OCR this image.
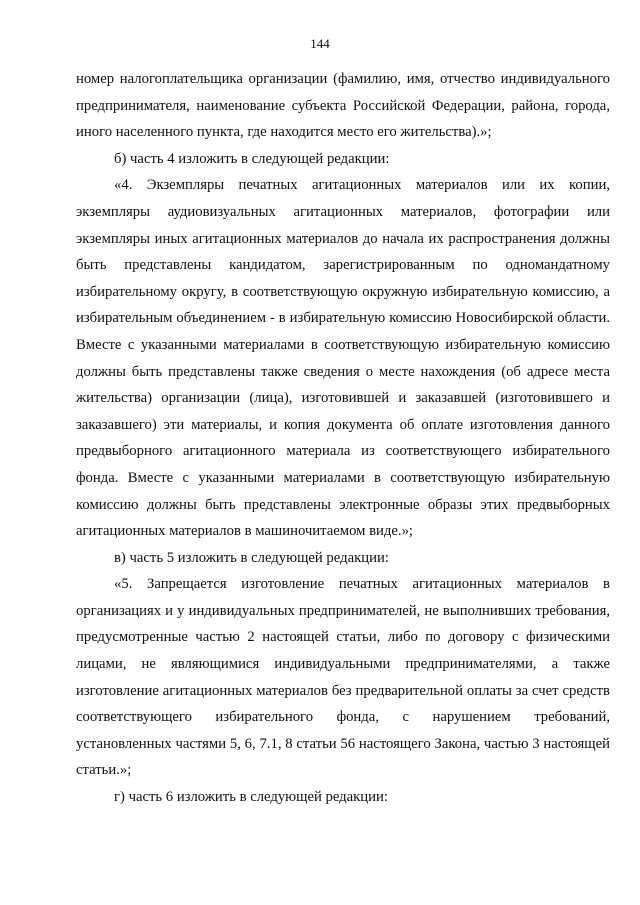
144

номер налогоплательщика организации (фамилию, имя, отчество индивидуального предпринимателя, наименование субъекта Российской Федерации, района, города, иного населенного пункта, где находится место его жительства).»;

б) часть 4 изложить в следующей редакции:

«4. Экземпляры печатных агитационных материалов или их копии, экземпляры аудиовизуальных агитационных материалов, фотографии или экземпляры иных агитационных материалов до начала их распространения должны быть представлены кандидатом, зарегистрированным по одномандатному избирательному округу, в соответствующую окружную избирательную комиссию, а избирательным объединением - в избирательную комиссию Новосибирской области. Вместе с указанными материалами в соответствующую избирательную комиссию должны быть представлены также сведения о месте нахождения (об адресе места жительства) организации (лица), изготовившей и заказавшей (изготовившего и заказавшего) эти материалы, и копия документа об оплате изготовления данного предвыборного агитационного материала из соответствующего избирательного фонда. Вместе с указанными материалами в соответствующую избирательную комиссию должны быть представлены электронные образы этих предвыборных агитационных материалов в машиночитаемом виде.»;

в) часть 5 изложить в следующей редакции:

«5. Запрещается изготовление печатных агитационных материалов в организациях и у индивидуальных предпринимателей, не выполнивших требования, предусмотренные частью 2 настоящей статьи, либо по договору с физическими лицами, не являющимися индивидуальными предпринимателями, а также изготовление агитационных материалов без предварительной оплаты за счет средств соответствующего избирательного фонда, с нарушением требований, установленных частями 5, 6, 7.1, 8 статьи 56 настоящего Закона, частью 3 настоящей статьи.»;

г) часть 6 изложить в следующей редакции:
